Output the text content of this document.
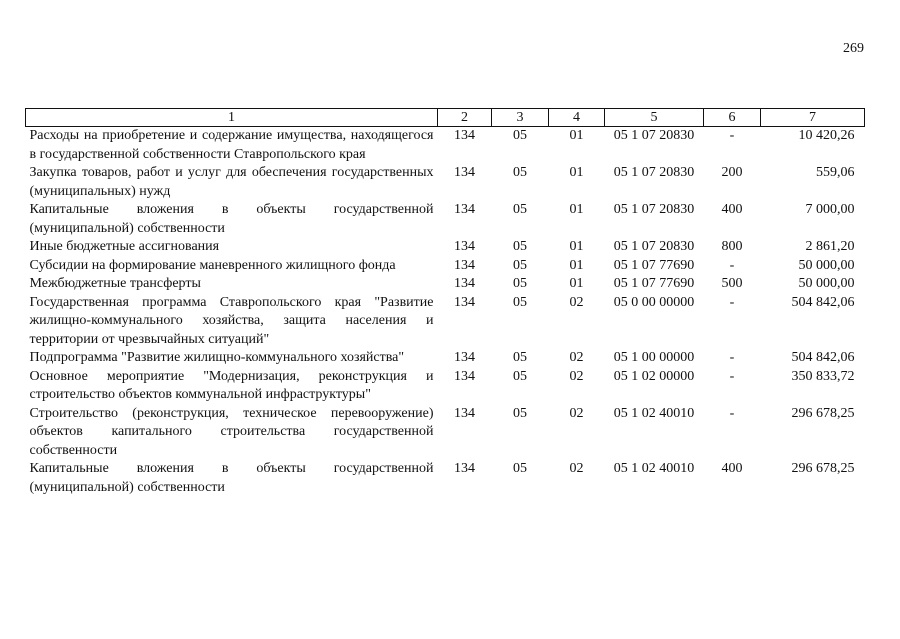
269
1	2	3	4	5	6	7
Расходы на приобретение и содержание имущества, находящегося в государственной собственности Ставропольского края	134	05	01	05 1 07 20830	-	10 420,26
Закупка товаров, работ и услуг для обеспечения государственных (муниципальных) нужд	134	05	01	05 1 07 20830	200	559,06
Капитальные вложения в объекты государственной (муниципальной) собственности	134	05	01	05 1 07 20830	400	7 000,00
Иные бюджетные ассигнования	134	05	01	05 1 07 20830	800	2 861,20
Субсидии на формирование маневренного жилищного фонда	134	05	01	05 1 07 77690	-	50 000,00
Межбюджетные трансферты	134	05	01	05 1 07 77690	500	50 000,00
Государственная программа Ставропольского края "Развитие жилищно-коммунального хозяйства, защита населения и территории от чрезвычайных ситуаций"	134	05	02	05 0 00 00000	-	504 842,06
Подпрограмма "Развитие жилищно-коммунального хозяйства"	134	05	02	05 1 00 00000	-	504 842,06
Основное мероприятие "Модернизация, реконструкция и строительство объектов коммунальной инфраструктуры"	134	05	02	05 1 02 00000	-	350 833,72
Строительство (реконструкция, техническое перевооружение) объектов капитального строительства государственной собственности	134	05	02	05 1 02 40010	-	296 678,25
Капитальные вложения в объекты государственной (муниципальной) собственности	134	05	02	05 1 02 40010	400	296 678,25
